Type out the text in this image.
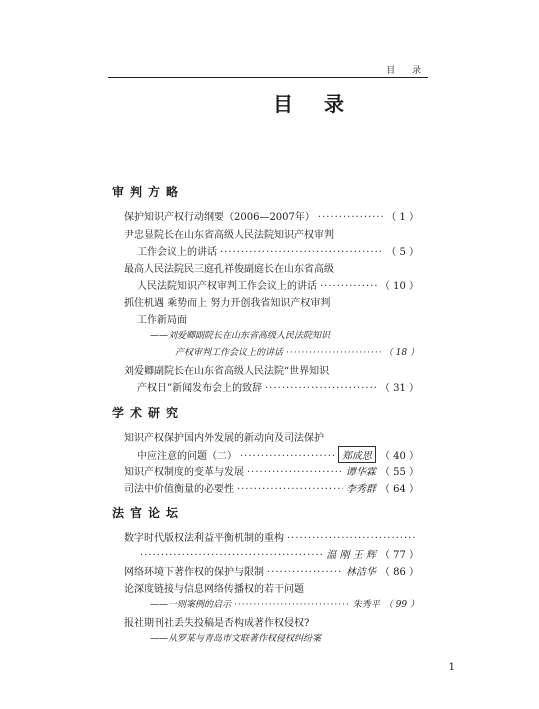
目 录
目 录
审判方略
保护知识产权行动纲要（2006—2007年） ·····	（ 1 ）
尹忠显院长在山东省高级人民法院知识产权审判
工作会议上的讲话 ·····	（ 5 ）
最高人民法院民三庭孔祥俊副庭长在山东省高级
人民法院知识产权审判工作会议上的讲话 ·····	（ 10 ）
抓住机遇 乘势而上 努力开创我省知识产权审判
工作新局面
——刘爱卿副院长在山东省高级人民法院知识
产权审判工作会议上的讲话 ·····	（ 18 ）
刘爱卿副院长在山东省高级人民法院“世界知识
产权日”新闻发布会上的致辞 ·····	（ 31 ）
学术研究
知识产权保护国内外发展的新动向及司法保护
中应注意的问题（二） ·····	郑成思 （ 40 ）
知识产权制度的变革与发展 ·····	谭华霖 （ 55 ）
司法中价值衡量的必要性 ·····	李秀群 （ 64 ）
法官论坛
数字时代版权法利益平衡机制的重构
·····
·····
温 刚 王 辉 （ 77 ）
网络环境下著作权的保护与限制 ·····	林洁华 （ 86 ）
论深度链接与信息网络传播权的若干问题
——一则案例的启示 ·····	朱秀平 （ 99 ）
报社期刊社丢失投稿是否构成著作权侵权?
——从罗某与青岛市文联著作权侵权纠纷案
1
